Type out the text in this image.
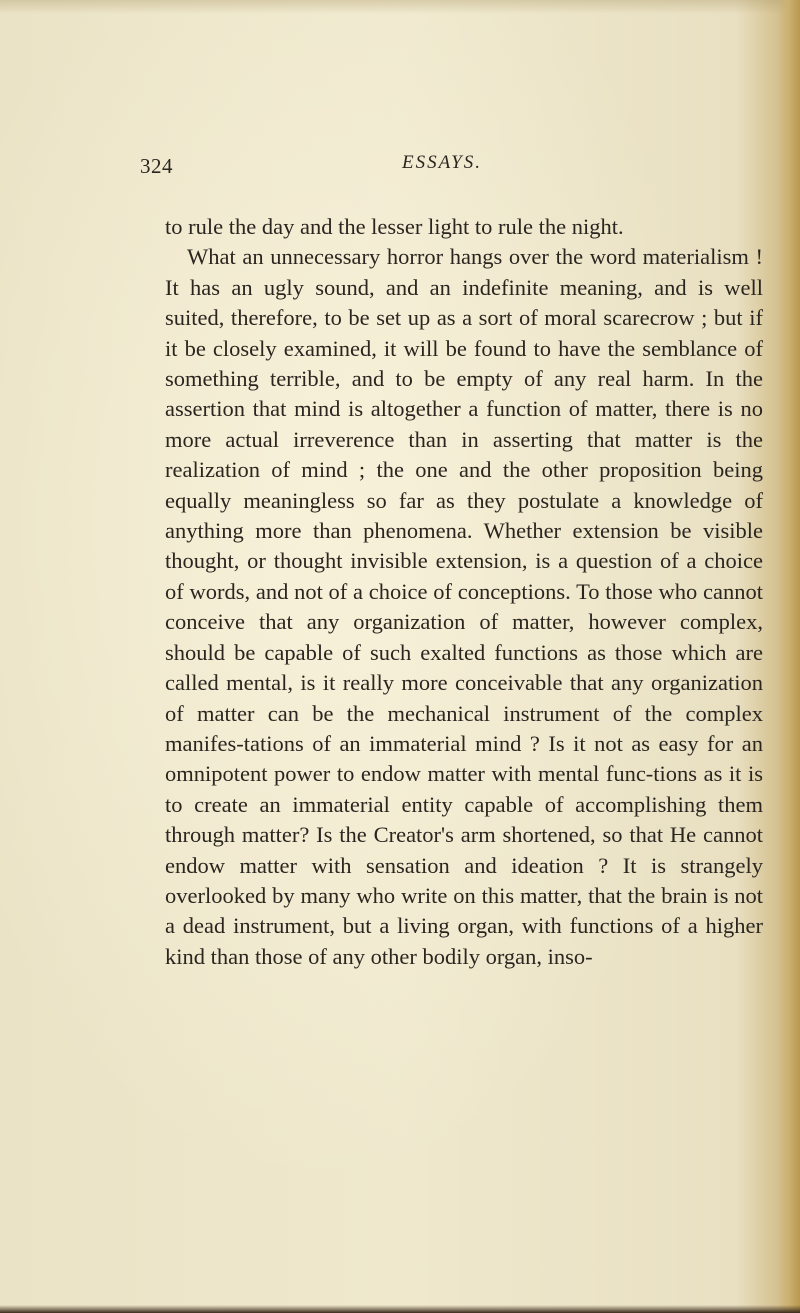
324	ESSAYS.

to rule the day and the lesser light to rule the night.

What an unnecessary horror hangs over the word materialism ! It has an ugly sound, and an indefinite meaning, and is well suited, therefore, to be set up as a sort of moral scarecrow ; but if it be closely examined, it will be found to have the semblance of something terrible, and to be empty of any real harm. In the assertion that mind is altogether a function of matter, there is no more actual irreverence than in asserting that matter is the realization of mind ; the one and the other proposition being equally meaningless so far as they postulate a knowledge of anything more than phenomena. Whether extension be visible thought, or thought invisible extension, is a question of a choice of words, and not of a choice of conceptions. To those who cannot conceive that any organization of matter, however complex, should be capable of such exalted functions as those which are called mental, is it really more conceivable that any organization of matter can be the mechanical instrument of the complex manifes-tations of an immaterial mind ? Is it not as easy for an omnipotent power to endow matter with mental func-tions as it is to create an immaterial entity capable of accomplishing them through matter? Is the Creator's arm shortened, so that He cannot endow matter with sensation and ideation ? It is strangely overlooked by many who write on this matter, that the brain is not a dead instrument, but a living organ, with functions of a higher kind than those of any other bodily organ, inso-
